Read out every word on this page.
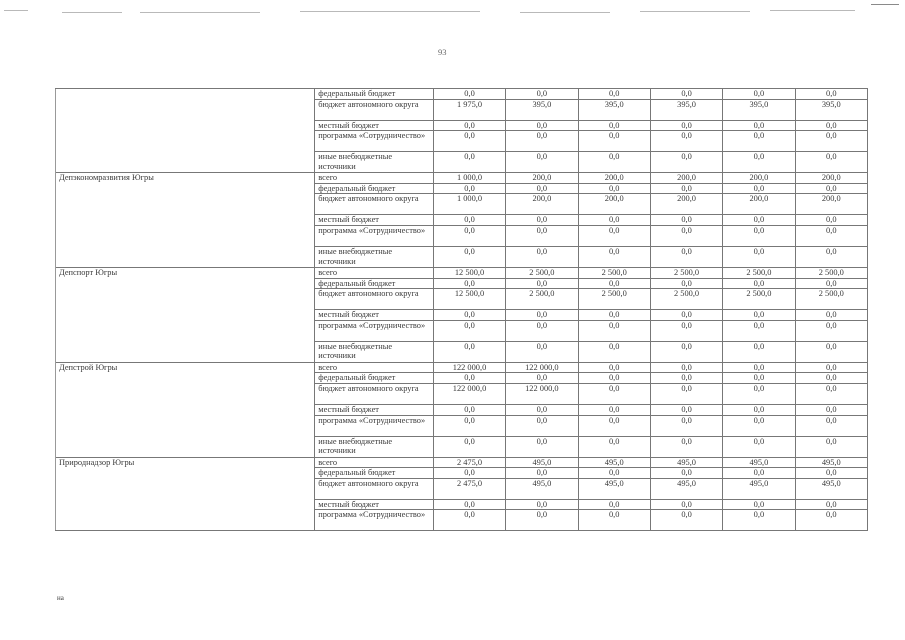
93
	федеральный бюджет	0,0	0,0	0,0	0,0	0,0	0,0
	бюджет автономного округа	1 975,0	395,0	395,0	395,0	395,0	395,0
	местный бюджет	0,0	0,0	0,0	0,0	0,0	0,0
	программа «Сотрудничество»	0,0	0,0	0,0	0,0	0,0	0,0
	иные внебюджетные источники	0,0	0,0	0,0	0,0	0,0	0,0
Депэкономразвития Югры	всего	1 000,0	200,0	200,0	200,0	200,0	200,0
	федеральный бюджет	0,0	0,0	0,0	0,0	0,0	0,0
	бюджет автономного округа	1 000,0	200,0	200,0	200,0	200,0	200,0
	местный бюджет	0,0	0,0	0,0	0,0	0,0	0,0
	программа «Сотрудничество»	0,0	0,0	0,0	0,0	0,0	0,0
	иные внебюджетные источники	0,0	0,0	0,0	0,0	0,0	0,0
Депспорт Югры	всего	12 500,0	2 500,0	2 500,0	2 500,0	2 500,0	2 500,0
	федеральный бюджет	0,0	0,0	0,0	0,0	0,0	0,0
	бюджет автономного округа	12 500,0	2 500,0	2 500,0	2 500,0	2 500,0	2 500,0
	местный бюджет	0,0	0,0	0,0	0,0	0,0	0,0
	программа «Сотрудничество»	0,0	0,0	0,0	0,0	0,0	0,0
	иные внебюджетные источники	0,0	0,0	0,0	0,0	0,0	0,0
Депстрой Югры	всего	122 000,0	122 000,0	0,0	0,0	0,0	0,0
	федеральный бюджет	0,0	0,0	0,0	0,0	0,0	0,0
	бюджет автономного округа	122 000,0	122 000,0	0,0	0,0	0,0	0,0
	местный бюджет	0,0	0,0	0,0	0,0	0,0	0,0
	программа «Сотрудничество»	0,0	0,0	0,0	0,0	0,0	0,0
	иные внебюджетные источники	0,0	0,0	0,0	0,0	0,0	0,0
Природнадзор Югры	всего	2 475,0	495,0	495,0	495,0	495,0	495,0
	федеральный бюджет	0,0	0,0	0,0	0,0	0,0	0,0
	бюджет автономного округа	2 475,0	495,0	495,0	495,0	495,0	495,0
	местный бюджет	0,0	0,0	0,0	0,0	0,0	0,0
	программа «Сотрудничество»	0,0	0,0	0,0	0,0	0,0	0,0
на
